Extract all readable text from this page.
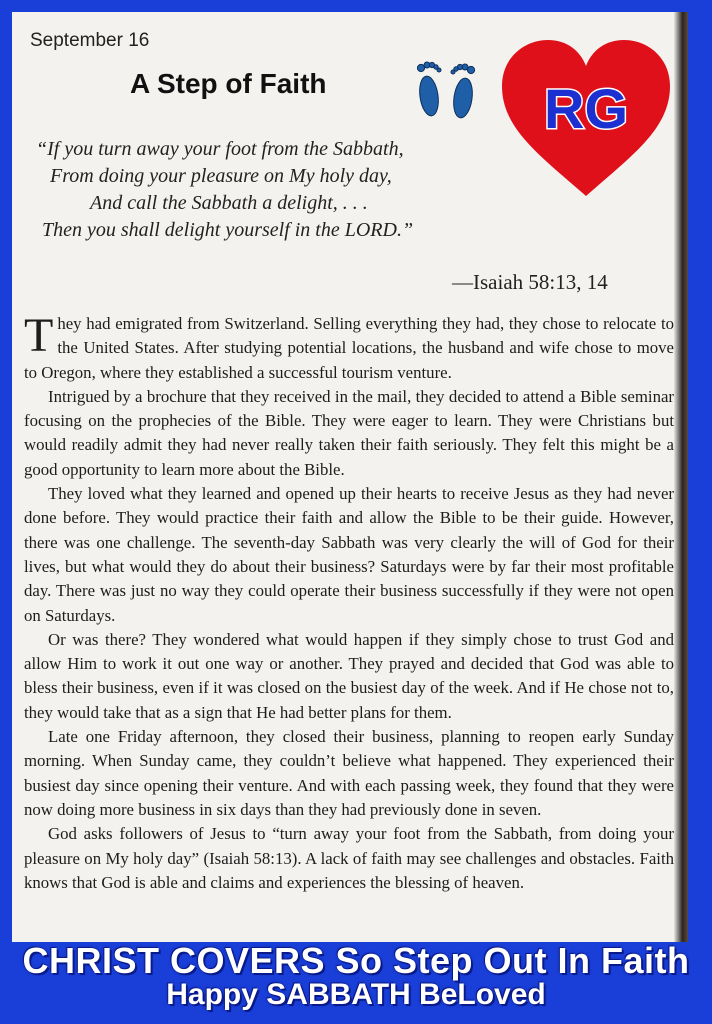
September 16
A Step of Faith	RG
“If you turn away your foot from the Sabbath,
From doing your pleasure on My holy day,
And call the Sabbath a delight, . . .
Then you shall delight yourself in the LORD.”
—Isaiah 58:13, 14

They had emigrated from Switzerland. Selling everything they had, they chose to relocate to the United States. After studying potential locations, the husband and wife chose to move to Oregon, where they established a successful tourism venture.

Intrigued by a brochure that they received in the mail, they decided to attend a Bible seminar focusing on the prophecies of the Bible. They were eager to learn. They were Christians but would readily admit they had never really taken their faith seriously. They felt this might be a good opportunity to learn more about the Bible.

They loved what they learned and opened up their hearts to receive Jesus as they had never done before. They would practice their faith and allow the Bible to be their guide. However, there was one challenge. The seventh-day Sabbath was very clearly the will of God for their lives, but what would they do about their business? Saturdays were by far their most profitable day. There was just no way they could operate their business successfully if they were not open on Saturdays.

Or was there? They wondered what would happen if they simply chose to trust God and allow Him to work it out one way or another. They prayed and decided that God was able to bless their business, even if it was closed on the busiest day of the week. And if He chose not to, they would take that as a sign that He had better plans for them.

Late one Friday afternoon, they closed their business, planning to reopen early Sunday morning. When Sunday came, they couldn’t believe what happened. They experienced their busiest day since opening their venture. And with each passing week, they found that they were now doing more business in six days than they had previously done in seven.

God asks followers of Jesus to “turn away your foot from the Sabbath, from doing your pleasure on My holy day” (Isaiah 58:13). A lack of faith may see challenges and obstacles. Faith knows that God is able and claims and experiences the blessing of heaven.

CHRIST COVERS So Step Out In Faith
Happy SABBATH BeLoved
